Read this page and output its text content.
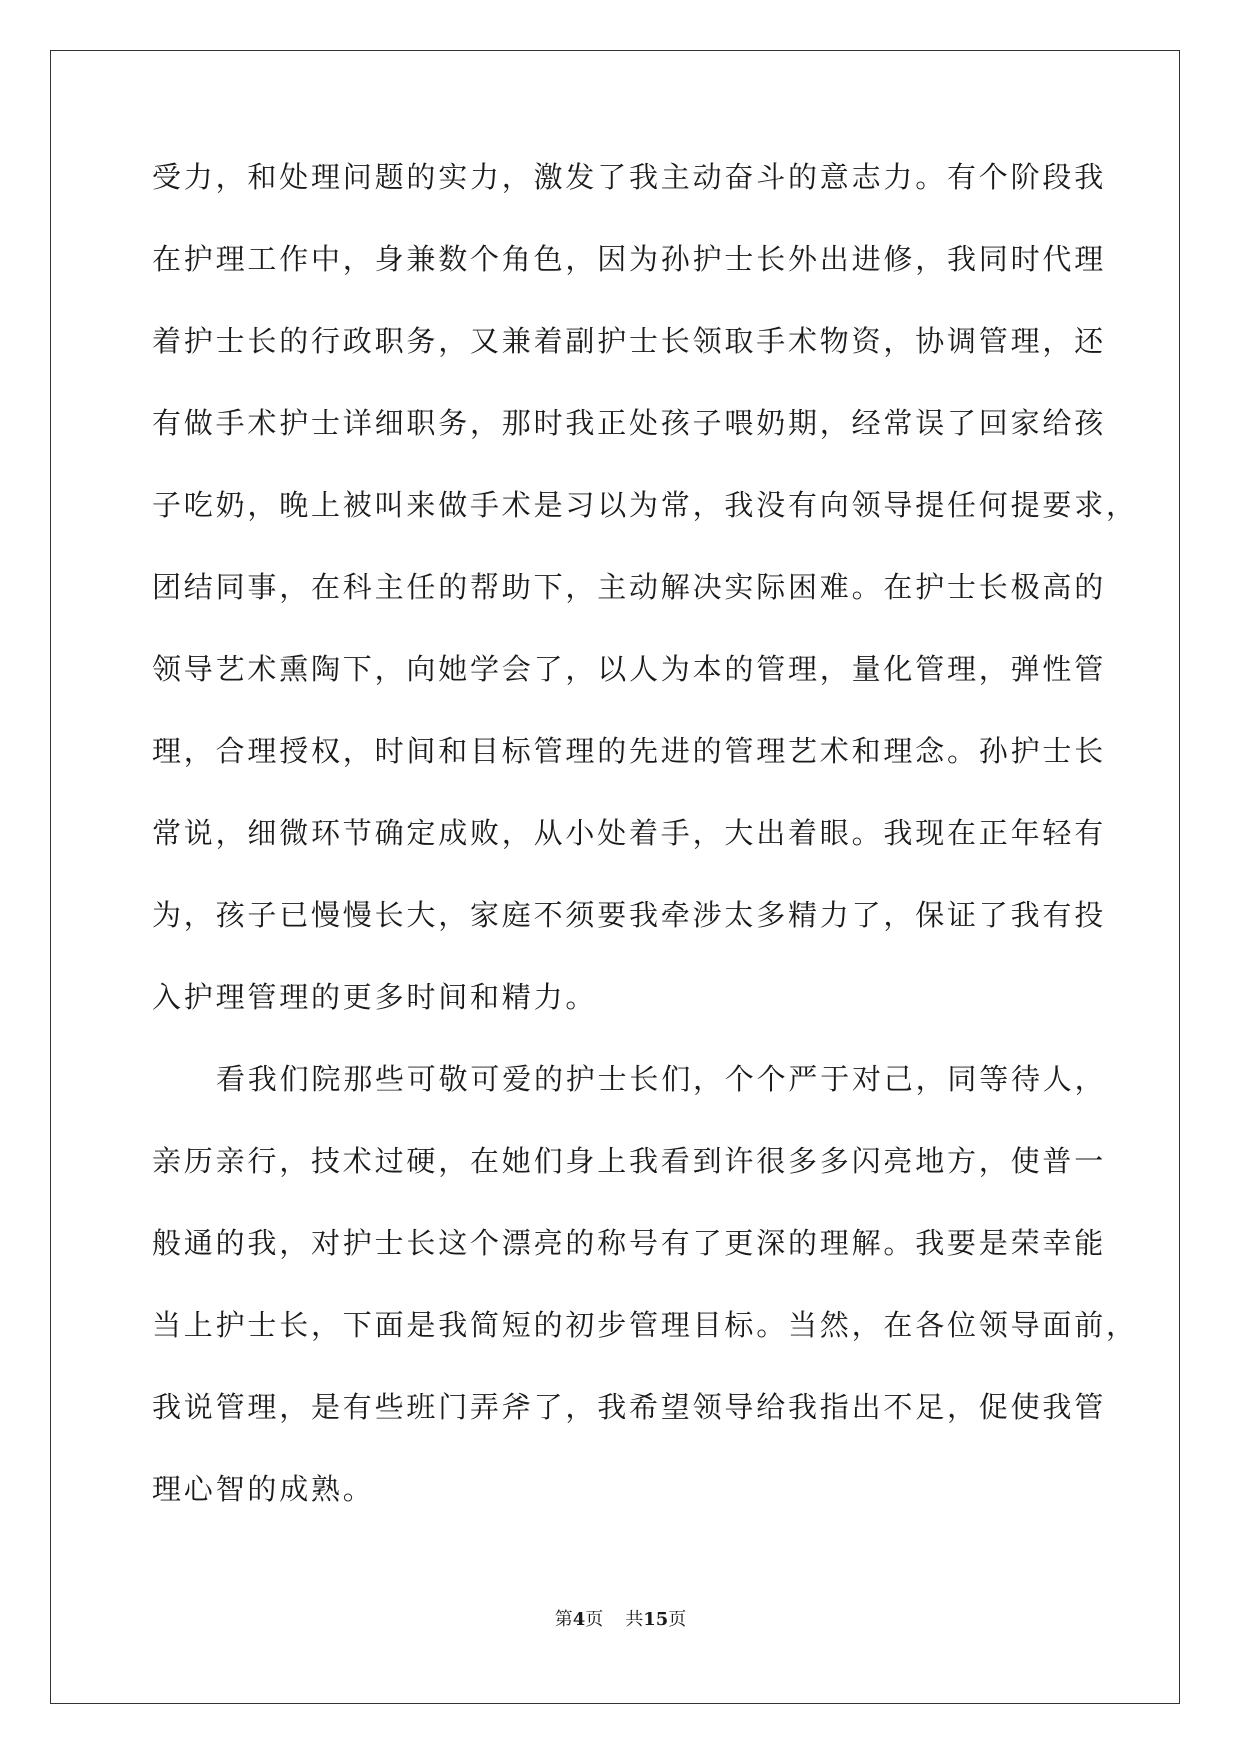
受力，和处理问题的实力，激发了我主动奋斗的意志力。有个阶段我
在护理工作中，身兼数个角色，因为孙护士长外出进修，我同时代理
着护士长的行政职务，又兼着副护士长领取手术物资，协调管理，还
有做手术护士详细职务，那时我正处孩子喂奶期，经常误了回家给孩
子吃奶，晚上被叫来做手术是习以为常，我没有向领导提任何提要求，
团结同事，在科主任的帮助下，主动解决实际困难。在护士长极高的
领导艺术熏陶下，向她学会了，以人为本的管理，量化管理，弹性管
理，合理授权，时间和目标管理的先进的管理艺术和理念。孙护士长
常说，细微环节确定成败，从小处着手，大出着眼。我现在正年轻有
为，孩子已慢慢长大，家庭不须要我牵涉太多精力了，保证了我有投
入护理管理的更多时间和精力。
看我们院那些可敬可爱的护士长们，个个严于对己，同等待人，
亲历亲行，技术过硬，在她们身上我看到许很多多闪亮地方，使普一
般通的我，对护士长这个漂亮的称号有了更深的理解。我要是荣幸能
当上护士长，下面是我简短的初步管理目标。当然，在各位领导面前，
我说管理，是有些班门弄斧了，我希望领导给我指出不足，促使我管
理心智的成熟。
第4页 共15页
